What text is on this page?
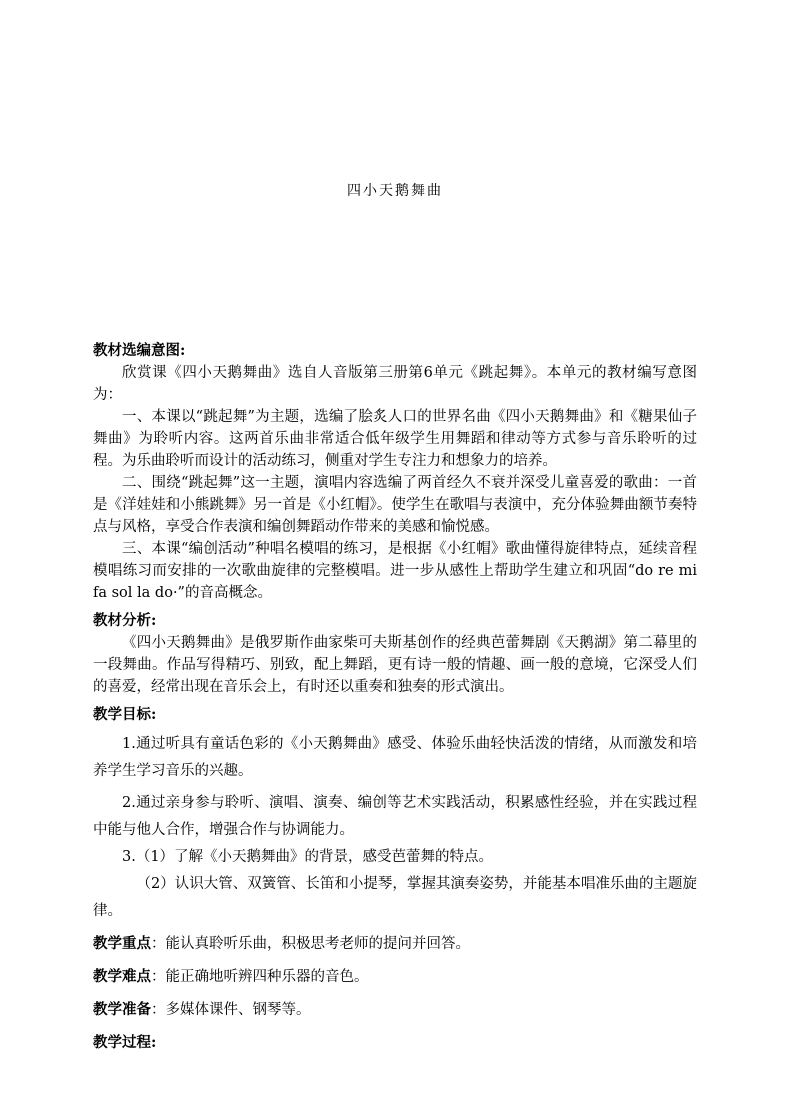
四小天鹅舞曲

教材选编意图:

欣赏课《四小天鹅舞曲》选自人音版第三册第6单元《跳起舞》。本单元的教材编写意图为：

一、本课以“跳起舞”为主题，选编了脍炙人口的世界名曲《四小天鹅舞曲》和《糖果仙子舞曲》为聆听内容。这两首乐曲非常适合低年级学生用舞蹈和律动等方式参与音乐聆听的过程。为乐曲聆听而设计的活动练习，侧重对学生专注力和想象力的培养。

二、围绕“跳起舞”这一主题，演唱内容选编了两首经久不衰并深受儿童喜爱的歌曲：一首是《洋娃娃和小熊跳舞》另一首是《小红帽》。使学生在歌唱与表演中，充分体验舞曲额节奏特点与风格，享受合作表演和编创舞蹈动作带来的美感和愉悦感。

三、本课“编创活动”种唱名模唱的练习，是根据《小红帽》歌曲懂得旋律特点，延续音程模唱练习而安排的一次歌曲旋律的完整模唱。进一步从感性上帮助学生建立和巩固“do re mi fa sol la do·”的音高概念。

教材分析:

《四小天鹅舞曲》是俄罗斯作曲家柴可夫斯基创作的经典芭蕾舞剧《天鹅湖》第二幕里的一段舞曲。作品写得精巧、别致，配上舞蹈，更有诗一般的情趣、画一般的意境，它深受人们的喜爱，经常出现在音乐会上，有时还以重奏和独奏的形式演出。

教学目标:

1.通过听具有童话色彩的《小天鹅舞曲》感受、体验乐曲轻快活泼的情绪，从而激发和培养学生学习音乐的兴趣。

2.通过亲身参与聆听、演唱、演奏、编创等艺术实践活动，积累感性经验，并在实践过程中能与他人合作，增强合作与协调能力。

3.（1）了解《小天鹅舞曲》的背景，感受芭蕾舞的特点。

（2）认识大管、双簧管、长笛和小提琴，掌握其演奏姿势，并能基本唱准乐曲的主题旋律。

教学重点：能认真聆听乐曲，积极思考老师的提问并回答。

教学难点：能正确地听辨四种乐器的音色。

教学准备：多媒体课件、钢琴等。

教学过程:
